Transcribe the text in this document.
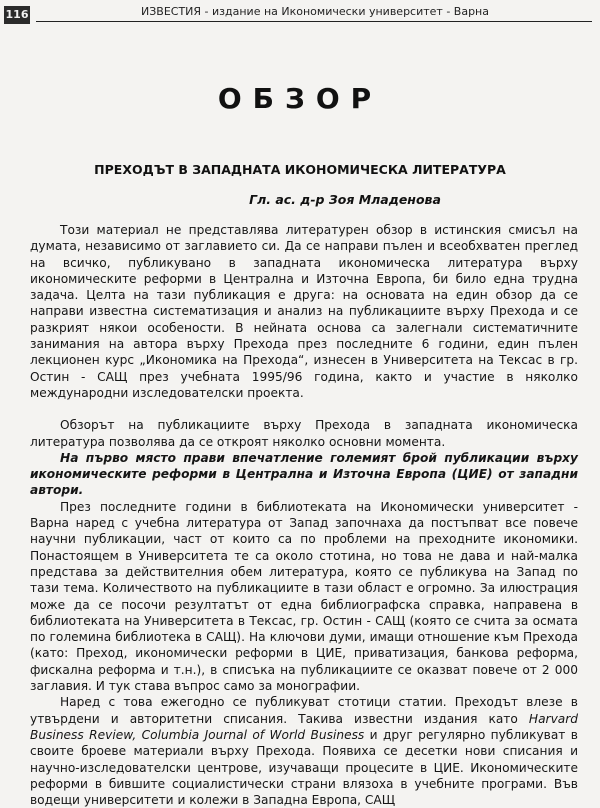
116	ИЗВЕСТИЯ - издание на Икономически университет - Варна
ОБЗОР
ПРЕХОДЪТ В ЗАПАДНАТА ИКОНОМИЧЕСКА ЛИТЕРАТУРА
Гл. ас. д-р Зоя Младенова

Този материал не представлява литературен обзор в истинския смисъл на думата, независимо от заглавието си. Да се направи пълен и всеобхватен преглед на всичко, публикувано в западната икономическа литература върху икономическите реформи в Централна и Източна Европа, би било една трудна задача. Целта на тази публикация е друга: на основата на един обзор да се направи известна систематизация и анализ на публикациите върху Прехода и се разкрият някои особености. В нейната основа са залегнали систематичните занимания на автора върху Прехода през последните 6 години, един пълен лекционен курс „Икономика на Прехода“, изнесен в Университета на Тексас в гр. Остин - САЩ през учебната 1995/96 година, както и участие в няколко международни изследователски проекта.

Обзорът на публикациите върху Прехода в западната икономическа литература позволява да се откроят няколко основни момента.

На първо място прави впечатление големият брой публикации върху икономическите реформи в Централна и Източна Европа (ЦИЕ) от западни автори.

През последните години в библиотеката на Икономически университет - Варна наред с учебна литература от Запад започнаха да постъпват все повече научни публикации, част от които са по проблеми на преходните икономики. Понастоящем в Университета те са около стотина, но това не дава и най-малка представа за действителния обем литература, която се публикува на Запад по тази тема. Количеството на публикациите в тази област е огромно. За илюстрация може да се посочи резултатът от една библиографска справка, направена в библиотеката на Университета в Тексас, гр. Остин - САЩ (която се счита за осмата по големина библиотека в САЩ). На ключови думи, имащи отношение към Прехода (като: Преход, икономически реформи в ЦИЕ, приватизация, банкова реформа, фискална реформа и т.н.), в списъка на публикациите се оказват повече от 2 000 заглавия. И тук става въпрос само за монографии.

Наред с това ежегодно се публикуват стотици статии. Преходът влезе в утвърдени и авторитетни списания. Такива известни издания като Harvard Business Review, Columbia Journal of World Business и друг регулярно публикуват в своите броеве материали върху Прехода. Появиха се десетки нови списания и научно-изследователски центрове, изучаващи процесите в ЦИЕ. Икономическите реформи в бившите социалистически страни влязоха в учебните програми. Във водещи университети и колежи в Западна Европа, САЩ
